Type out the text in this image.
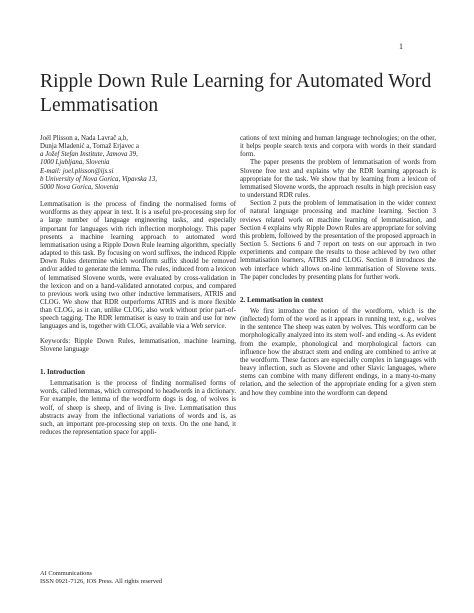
1
Ripple Down Rule Learning for Automated Word Lemmatisation
Joël Plisson a, Nada Lavrač a,b,
Dunja Mladenić a, Tomaž Erjavec a
a Jožef Stefan Institute, Jamova 39,
1000 Ljubljana, Slovenia
E-mail: joel.plisson@ijs.si
b University of Nova Gorica, Vipavska 13,
5000 Nova Gorica, Slovenia

Lemmatisation is the process of finding the normalised forms of wordforms as they appear in text. It is a useful pre-processing step for a large number of language engineering tasks, and especially important for languages with rich inflection morphology. This paper presents a machine learning approach to automated word lemmatisation using a Ripple Down Rule learning algorithm, specially adapted to this task. By focusing on word suffixes, the induced Ripple Down Rules determine which wordform suffix should be removed and/or added to generate the lemma. The rules, induced from a lexicon of lemmatised Slovene words, were evaluated by cross-validation in the lexicon and on a hand-validated annotated corpus, and compared to previous work using two other inductive lemmatisers, ATRIS and CLOG. We show that RDR outperforms ATRIS and is more flexible than CLOG, as it can, unlike CLOG, also work without prior part-of-speech tagging. The RDR lemmatiser is easy to train and use for new languages and is, together with CLOG, available via a Web service.

Keywords: Ripple Down Rules, lemmatisation, machine learning, Slovene language
1. Introduction

Lemmatisation is the process of finding normalised forms of words, called lemmas, which correspond to headwords in a dictionary. For example, the lemma of the wordform dogs is dog, of wolves is wolf, of sheep is sheep, and of living is live. Lemmatisation thus abstracts away from the inflectional variations of words and is, as such, an important pre-processing step on texts. On the one hand, it reduces the representation space for appli-

cations of text mining and human language technologies; on the other, it helps people search texts and corpora with words in their standard form.

The paper presents the problem of lemmatisation of words from Slovene free text and explains why the RDR learning approach is appropriate for the task. We show that by learning from a lexicon of lemmatised Slovene words, the approach results in high precision easy to understand RDR rules.

Section 2 puts the problem of lemmatisation in the wider context of natural language processing and machine learning. Section 3 reviews related work on machine learning of lemmatisation, and Section 4 explains why Ripple Down Rules are appropriate for solving this problem, followed by the presentation of the proposed approach in Section 5. Sections 6 and 7 report on tests on our approach in two experiments and compare the results to those achieved by two other lemmatisation learners, ATRIS and CLOG. Section 8 introduces the web interface which allows on-line lemmatisation of Slovene texts. The paper concludes by presenting plans for further work.

2. Lemmatisation in context

We first introduce the notion of the wordform, which is the (inflected) form of the word as it appears in running text, e.g., wolves in the sentence The sheep was eaten by wolves. This wordform can be morphologically analyzed into its stem wolf- and ending -s. As evident from the example, phonological and morphological factors can influence how the abstract stem and ending are combined to arrive at the wordform. These factors are especially complex in languages with heavy inflection, such as Slovene and other Slavic languages, where stems can combine with many different endings, in a many-to-many relation, and the selection of the appropriate ending for a given stem and how they combine into the wordform can depend

AI Communications
ISSN 0921-7126, IOS Press. All rights reserved
